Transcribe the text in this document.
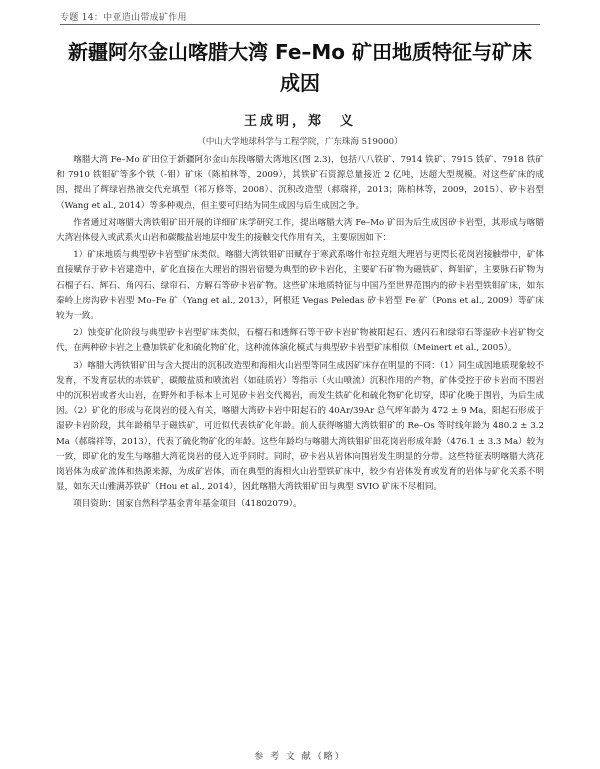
专题 14：中亚造山带成矿作用
新疆阿尔金山喀腊大湾 Fe–Mo 矿田地质特征与矿床成因
王成明，郑　义
（中山大学地球科学与工程学院，广东珠海 519000）

喀腊大湾 Fe–Mo 矿田位于新疆阿尔金山东段喀腊大湾地区(图 2.3)，包括八八铁矿、7914 铁矿、7915 铁矿、7918 铁矿和 7910 铁钼矿等多个铁（-钼）矿床（陈柏林等，2009），其铁矿石资源总量接近 2 亿吨，达超大型规模。对这些矿床的成因，提出了辉绿岩热液交代充填型（祁万修等，2008）、沉积改造型（郝瑞祥，2013；陈柏林等，2009，2015）、矽卡岩型（Wang et al., 2014）等多种观点，但主要可归结为同生成因与后生成因之争。

作者通过对喀腊大湾铁钼矿田开展的详细矿床学研究工作，提出喀腊大湾 Fe–Mo 矿田为后生成因矽卡岩型，其形成与喀腊大湾岩体侵入或武系火山岩和碳酸盐岩地层中发生的接触交代作用有关，主要原因如下：

1）矿床地质与典型矽卡岩型矿床类似。喀腊大湾铁钼矿田赋存于寒武系喀什布拉克组大理岩与更閃长花岗岩接触带中，矿体直接赋存于矽卡岩建造中，矿化直接在大理岩的围岩宿變为典型的矽卡岩化，主要矿石矿物为磁铁矿、辉钼矿，主要脉石矿物为石榴子石、辉石、角闪石、绿帘石、方解石等矽卡岩矿物。这些矿床地质特征与中国乃至世界范围内的矽卡岩型铁钼矿床，如东秦岭上房沟矽卡岩型 Mo–Fe 矿（Yang et al., 2013），阿根廷 Vegas Peledas 矽卡岩型 Fe 矿（Pons et al., 2009）等矿床较为一致。

2）蚀变矿化阶段与典型矽卡岩型矿床类似，石榴石和透辉石等干矽卡岩矿物被阳起石、透闪石和绿帘石等湿矽卡岩矿物交代，在两种矽卡岩之上叠加铁矿化和硫化物矿化，这种流体演化模式与典型矽卡岩型矿床相似（Meinert et al., 2005）。

3）喀腊大湾铁钼矿田与含大提出的沉积改造型和海相火山岩型等同生成因矿床存在明显的不同：（1）同生成因地质现象较不发育，不发育层状的赤铁矿，碳酸盐质和喷流岩（如硅质岩）等指示（火山喷流）沉积作用的产物，矿体受控于矽卡岩而不围岩中的沉积岩或者火山岩，在野外和手标本上可见矽卡岩交代褐岩，而发生铁矿化和硫化物矿化切穿，即矿化晚于围岩，为后生成因。（2）矿化的形成与花岗岩的侵入有关，喀腊大湾矽卡岩中阳起石的 40Ar/39Ar 总气坪年龄为 472 ± 9 Ma，阳起石形成于湿矽卡岩阶段，其年龄稍早于磁铁矿，可近似代表铁矿化年龄。前人获得喀腊大湾铁钼矿的 Re–Os 等时线年龄为 480.2 ± 3.2 Ma（郝瑞祥等，2013），代表了硫化物矿化的年龄。这些年龄均与喀腊大湾铁钼矿田花岗岩形成年龄（476.1 ± 3.3 Ma）较为一致，即矿化的发生与喀腊大湾花岗岩的侵入近乎同时。同时，矽卡岩从岩体向围岩发生明显的分带。这些特征表明喀腊大湾花岗岩体为成矿流体和热源来源，为成矿岩体，而在典型的海相火山岩型铁矿床中，较少有岩体发育或发育的岩体与矿化关系不明显，如东天山雅满苏铁矿（Hou et al., 2014），因此喀腊大湾铁钼矿田与典型 SVIO 矿床不尽相同。

项目资助：国家自然科学基金青年基金项目（41802079）。

参 考 文 献（略）
